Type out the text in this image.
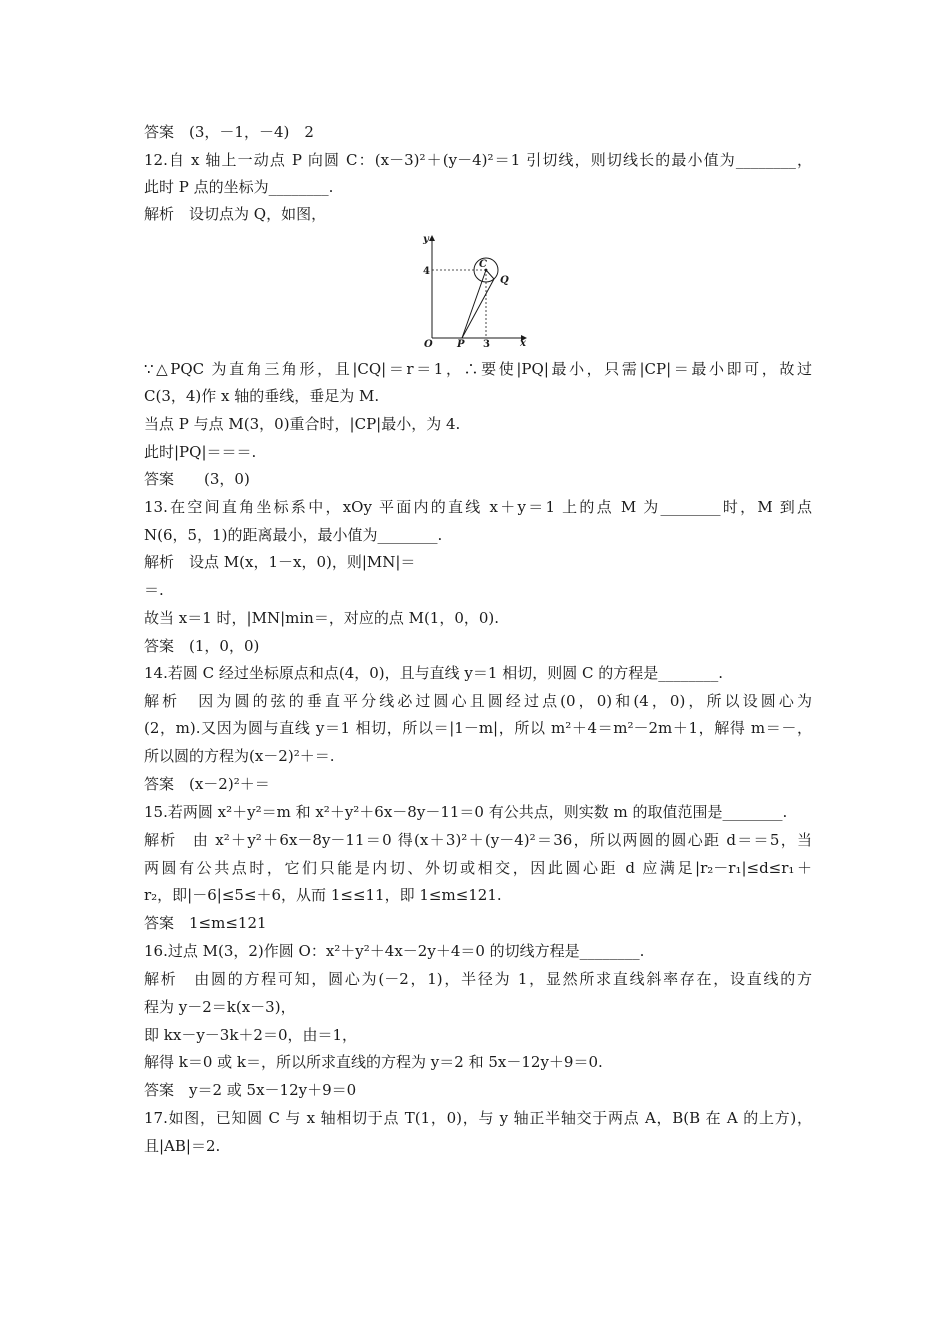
答案　(3，－1，－4)　2
12.自 x 轴上一动点 P 向圆 C：(x－3)²＋(y－4)²＝1 引切线，则切线长的最小值为________，
此时 P 点的坐标为________.
解析　设切点为 Q，如图，
y
x
O
4
3
C
Q
P
∵△PQC 为直角三角形，且|CQ|＝r＝1，∴要使|PQ|最小，只需|CP|＝最小即可，故过
C(3，4)作 x 轴的垂线，垂足为 M.
当点 P 与点 M(3，0)重合时，|CP|最小，为 4.
此时|PQ|＝＝＝.
答案　　(3，0)
13.在空间直角坐标系中，xOy 平面内的直线 x＋y＝1 上的点 M 为________时，M 到点
N(6，5，1)的距离最小，最小值为________.
解析　设点 M(x，1－x，0)，则|MN|＝
＝.
故当 x＝1 时，|MN|min＝，对应的点 M(1，0，0).
答案　(1，0，0)
14.若圆 C 经过坐标原点和点(4，0)，且与直线 y＝1 相切，则圆 C 的方程是________.
解析　因为圆的弦的垂直平分线必过圆心且圆经过点(0，0)和(4，0)，所以设圆心为
(2，m).又因为圆与直线 y＝1 相切，所以＝|1－m|，所以 m²＋4＝m²－2m＋1，解得 m＝－，
所以圆的方程为(x－2)²＋＝.
答案　(x－2)²＋＝
15.若两圆 x²＋y²＝m 和 x²＋y²＋6x－8y－11＝0 有公共点，则实数 m 的取值范围是________.
解析　由 x²＋y²＋6x－8y－11＝0 得(x＋3)²＋(y－4)²＝36，所以两圆的圆心距 d＝＝5，当
两圆有公共点时，它们只能是内切、外切或相交，因此圆心距 d 应满足|r₂－r₁|≤d≤r₁＋
r₂，即|－6|≤5≤＋6，从而 1≤≤11，即 1≤m≤121.
答案　1≤m≤121
16.过点 M(3，2)作圆 O：x²＋y²＋4x－2y＋4＝0 的切线方程是________.
解析　由圆的方程可知，圆心为(－2，1)，半径为 1，显然所求直线斜率存在，设直线的方
程为 y－2＝k(x－3)，
即 kx－y－3k＋2＝0，由＝1，
解得 k＝0 或 k＝，所以所求直线的方程为 y＝2 和 5x－12y＋9＝0.
答案　y＝2 或 5x－12y＋9＝0
17.如图，已知圆 C 与 x 轴相切于点 T(1，0)，与 y 轴正半轴交于两点 A，B(B 在 A 的上方)，
且|AB|＝2.
